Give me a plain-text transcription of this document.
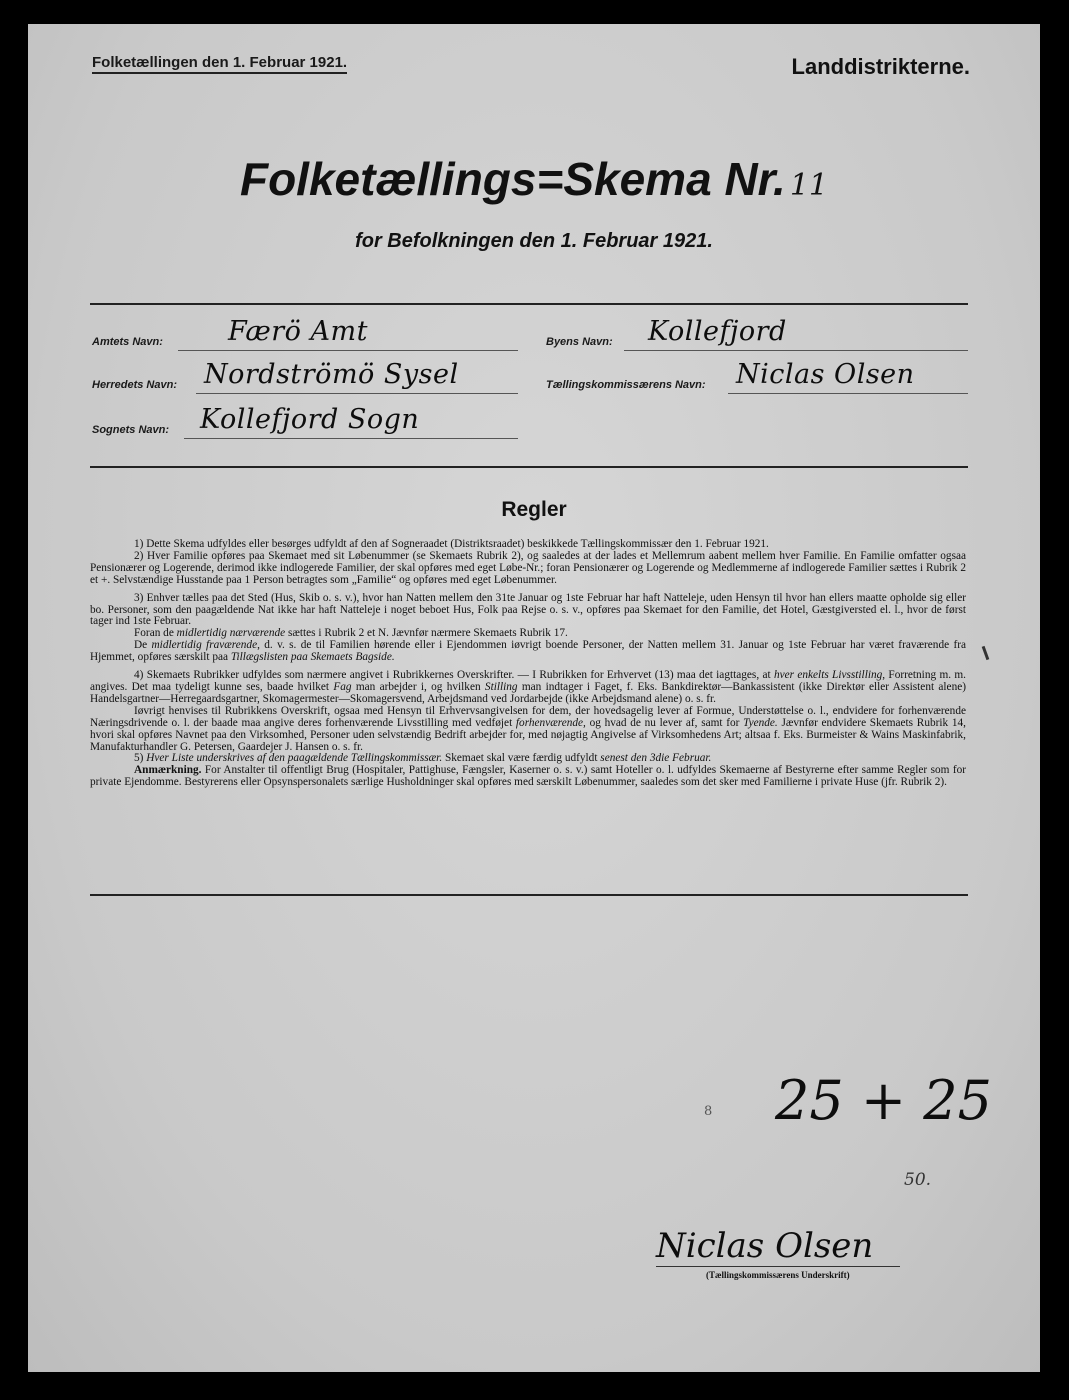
Folketællingen den 1. Februar 1921.	Landdistrikterne.
Folketællings=Skema Nr. 11
for Befolkningen den 1. Februar 1921.
Amtets Navn: Færö Amt	Byens Navn: Kollefjord
Herredets Navn: Nordströmö Sysel	Tællingskommissærens Navn: Niclas Olsen
Sognets Navn: Kollefjord Sogn
Regler

1) Dette Skema udfyldes eller besørges udfyldt af den af Sogneraadet (Distriktsraadet) beskikkede Tællingskommissær den 1. Februar 1921.

2) Hver Familie opføres paa Skemaet med sit Løbenummer (se Skemaets Rubrik 2), og saaledes at der lades et Mellemrum aabent mellem hver Familie. En Familie omfatter ogsaa Pensionærer og Logerende, derimod ikke indlogerede Familier, der skal opføres med eget Løbe-Nr.; foran Pensionærer og Logerende og Medlemmerne af indlogerede Familier sættes i Rubrik 2 et +. Selvstændige Husstande paa 1 Person betragtes som „Familie“ og opføres med eget Løbenummer.

3) Enhver tælles paa det Sted (Hus, Skib o. s. v.), hvor han Natten mellem den 31te Januar og 1ste Februar har haft Natteleje, uden Hensyn til hvor han ellers maatte opholde sig eller bo. Personer, som den paagældende Nat ikke har haft Natteleje i noget beboet Hus, Folk paa Rejse o. s. v., opføres paa Skemaet for den Familie, det Hotel, Gæstgiversted el. l., hvor de først tager ind 1ste Februar.

Foran de midlertidig nærværende sættes i Rubrik 2 et N. Jævnfør nærmere Skemaets Rubrik 17.

De midlertidig fraværende, d. v. s. de til Familien hørende eller i Ejendommen iøvrigt boende Personer, der Natten mellem 31. Januar og 1ste Februar har været fraværende fra Hjemmet, opføres særskilt paa Tillægslisten paa Skemaets Bagside.

4) Skemaets Rubrikker udfyldes som nærmere angivet i Rubrikkernes Overskrifter. — I Rubrikken for Erhvervet (13) maa det iagttages, at hver enkelts Livsstilling, Forretning m. m. angives. Det maa tydeligt kunne ses, baade hvilket Fag man arbejder i, og hvilken Stilling man indtager i Faget, f. Eks. Bankdirektør—Bankassistent (ikke Direktør eller Assistent alene) Handelsgartner—Herregaardsgartner, Skomagermester—Skomagersvend, Arbejdsmand ved Jordarbejde (ikke Arbejdsmand alene) o. s. fr.

Iøvrigt henvises til Rubrikkens Overskrift, ogsaa med Hensyn til Erhvervsangivelsen for dem, der hovedsagelig lever af Formue, Understøttelse o. l., endvidere for forhenværende Næringsdrivende o. l. der baade maa angive deres forhenværende Livsstilling med vedføjet forhenværende, og hvad de nu lever af, samt for Tyende. Jævnfør endvidere Skemaets Rubrik 14, hvori skal opføres Navnet paa den Virksomhed, Personer uden selvstændig Bedrift arbejder for, med nøjagtig Angivelse af Virksomhedens Art; altsaa f. Eks. Burmeister & Wains Maskinfabrik, Manufakturhandler G. Petersen, Gaardejer J. Hansen o. s. fr.

5) Hver Liste underskrives af den paagældende Tællingskommissær. Skemaet skal være færdig udfyldt senest den 3die Februar.

Anmærkning. For Anstalter til offentligt Brug (Hospitaler, Pattighuse, Fængsler, Kaserner o. s. v.) samt Hoteller o. l. udfyldes Skemaerne af Bestyrerne efter samme Regler som for private Ejendomme. Bestyrerens eller Opsynspersonalets særlige Husholdninger skal opføres med særskilt Løbenummer, saaledes som det sker med Familierne i private Huse (jfr. Rubrik 2).

8 25 + 25
50.
Niclas Olsen
(Tællingskommissærens Underskrift)
